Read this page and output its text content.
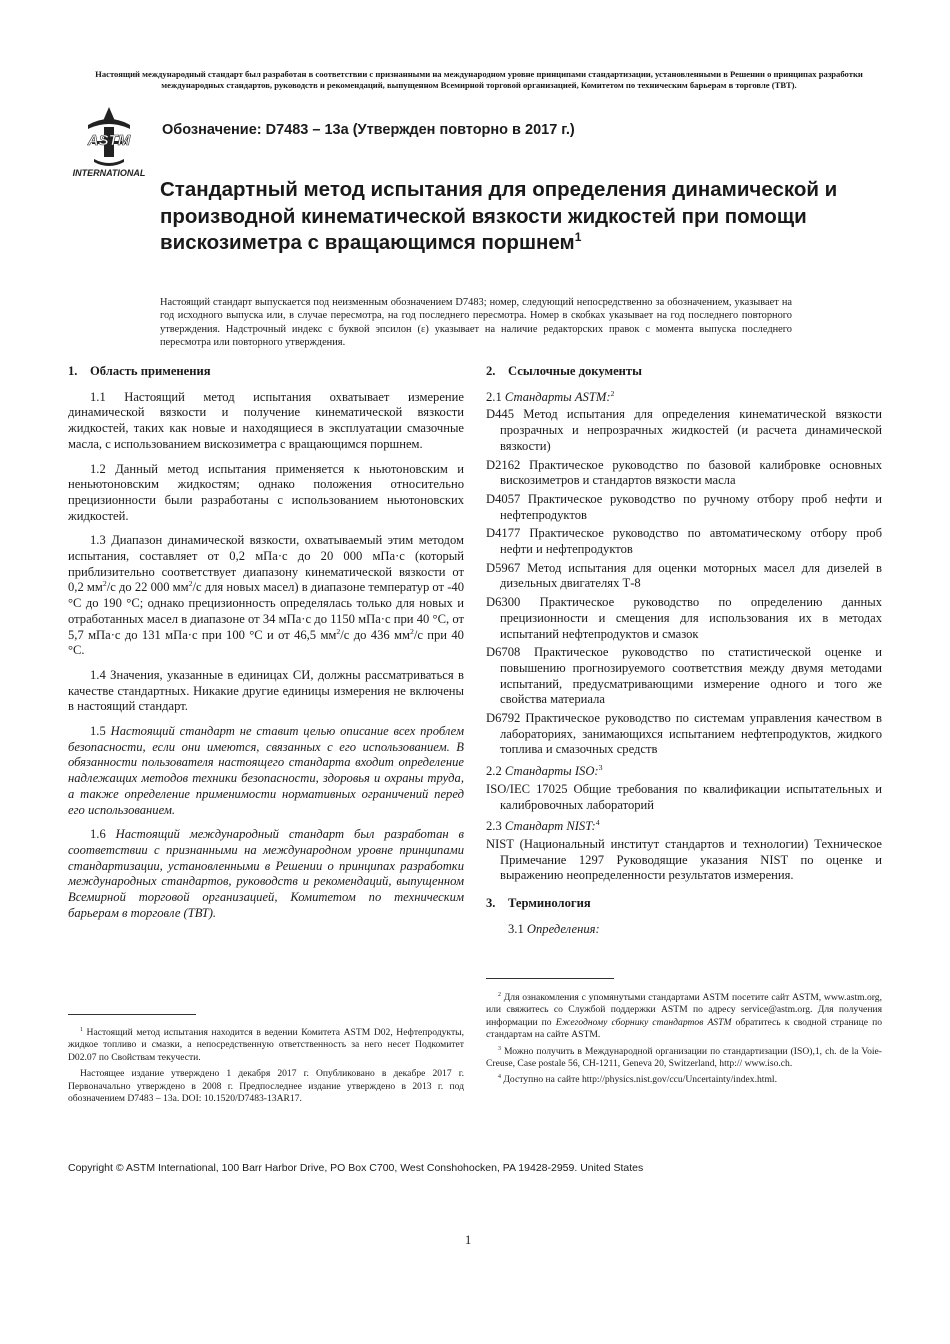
Настоящий международный стандарт был разработан в соответствии с признанными на международном уровне принципами стандартизации, установленными в Решении о принципах разработки международных стандартов, руководств и рекомендаций, выпущенном Всемирной торговой организацией, Комитетом по техническим барьерам в торговле (ТВТ).
ASTM
INTERNATIONAL
Обозначение: D7483 – 13a (Утвержден повторно в 2017 г.)
Стандартный метод испытания для определения динамической и производной кинематической вязкости жидкостей при помощи вискозиметра с вращающимся поршнем$^1$
Настоящий стандарт выпускается под неизменным обозначением D7483; номер, следующий непосредственно за обозначением, указывает на год исходного выпуска или, в случае пересмотра, на год последнего пересмотра. Номер в скобках указывает на год последнего повторного утверждения. Надстрочный индекс с буквой эпсилон (ε) указывает на наличие редакторских правок с момента выпуска последнего пересмотра или повторного утверждения.
1. Область применения

1.1 Настоящий метод испытания охватывает измерение динамической вязкости и получение кинематической вязкости жидкостей, таких как новые и находящиеся в эксплуатации смазочные масла, с использованием вискозиметра с вращающимся поршнем.

1.2 Данный метод испытания применяется к ньютоновским и неньютоновским жидкостям; однако положения относительно прецизионности были разработаны с использованием ньютоновских жидкостей.

1.3 Диапазон динамической вязкости, охватываемый этим методом испытания, составляет от 0,2 мПа·с до 20 000 мПа·с (который приблизительно соответствует диапазону кинематической вязкости от 0,2 $мм^2/с$ до 22 000 $мм^2/с$ для новых масел) в диапазоне температур от -40 °C до 190 °C; однако прецизионность определялась только для новых и отработанных масел в диапазоне от 34 мПа·с до 1150 мПа·с при 40 °C, от 5,7 мПа·с до 131 мПа·с при 100 °C и от 46,5 $мм^2/с$ до 436 $мм^2/с$ при 40 °C.

1.4 Значения, указанные в единицах СИ, должны рассматриваться в качестве стандартных. Никакие другие единицы измерения не включены в настоящий стандарт.

1.5 Настоящий стандарт не ставит целью описание всех проблем безопасности, если они имеются, связанных с его использованием. В обязанности пользователя настоящего стандарта входит определение надлежащих методов техники безопасности, здоровья и охраны труда, а также определение применимости нормативных ограничений перед его использованием.

1.6 Настоящий международный стандарт был разработан в соответствии с признанными на международном уровне принципами стандартизации, установленными в Решении о принципах разработки международных стандартов, руководств и рекомендаций, выпущенном Всемирной торговой организацией, Комитетом по техническим барьерам в торговле (ТВТ).

2. Ссылочные документы
2.1 Стандарты ASTM:$^2$
D445 Метод испытания для определения кинематической вязкости прозрачных и непрозрачных жидкостей (и расчета динамической вязкости)
D2162 Практическое руководство по базовой калибровке основных вискозиметров и стандартов вязкости масла
D4057 Практическое руководство по ручному отбору проб нефти и нефтепродуктов
D4177 Практическое руководство по автоматическому отбору проб нефти и нефтепродуктов
D5967 Метод испытания для оценки моторных масел для дизелей в дизельных двигателях Т-8
D6300 Практическое руководство по определению данных прецизионности и смещения для использования их в методах испытаний нефтепродуктов и смазок
D6708 Практическое руководство по статистической оценке и повышению прогнозируемого соответствия между двумя методами испытаний, предусматривающими измерение одного и того же свойства материала
D6792 Практическое руководство по системам управления качеством в лабораториях, занимающихся испытанием нефтепродуктов, жидкого топлива и смазочных средств
2.2 Стандарты ISO:$^3$
ISO/IEC 17025 Общие требования по квалификации испытательных и калибровочных лабораторий
2.3 Стандарт NIST:$^4$
NIST (Национальный институт стандартов и технологии) Техническое Примечание 1297 Руководящие указания NIST по оценке и выражению неопределенности результатов измерения.
3. Терминология

3.1 Определения:

$^1$ Настоящий метод испытания находится в ведении Комитета ASTM D02, Нефтепродукты, жидкое топливо и смазки, а непосредственную ответственность за него несет Подкомитет D02.07 по Свойствам текучести.

Настоящее издание утверждено 1 декабря 2017 г. Опубликовано в декабре 2017 г. Первоначально утверждено в 2008 г. Предпоследнее издание утверждено в 2013 г. под обозначением D7483 – 13a. DOI: 10.1520/D7483-13AR17.

$^2$ Для ознакомления с упомянутыми стандартами ASTM посетите сайт ASTM, www.astm.org, или свяжитесь со Службой поддержки ASTM по адресу service@astm.org. Для получения информации по Ежегодному сборнику стандартов ASTM обратитесь к сводной странице по стандартам на сайте ASTM.

$^3$ Можно получить в Международной организации по стандартизации (ISO),1, ch. de la Voie-Creuse, Case postale 56, CH-1211, Geneva 20, Switzerland, http:// www.iso.ch.

$^4$ Доступно на сайте http://physics.nist.gov/ccu/Uncertainty/index.html.

Copyright © ASTM International, 100 Barr Harbor Drive, PO Box C700, West Conshohocken, PA 19428-2959. United States
1
